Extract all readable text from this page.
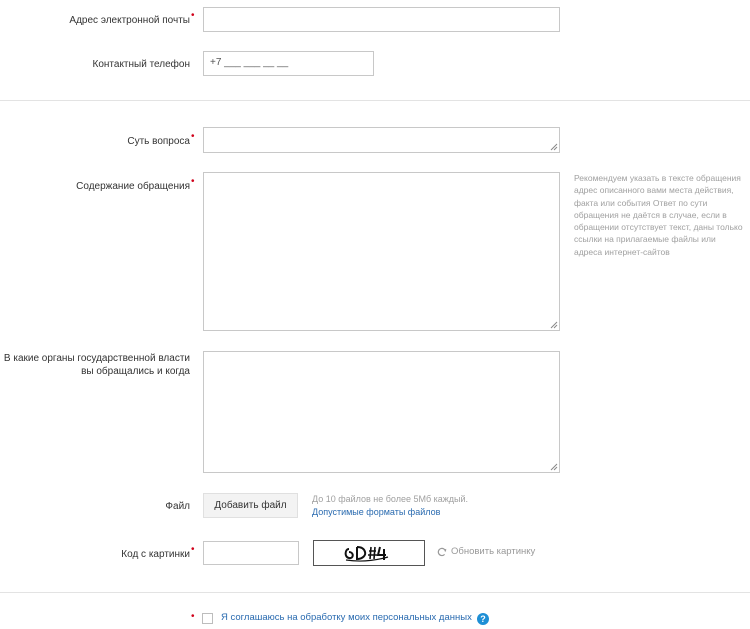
Адрес электронной почты •
Контактный телефон +7 ___ ___ __ __
Суть вопроса •
Содержание обращения •	Рекомендуем указать в тексте обращения адрес описанного вами места действия, факта или события Ответ по сути обращения не даётся в случае, если в обращении отсутствует текст, даны только ссылки на прилагаемые файлы или адреса интернет-сайтов
В какие органы государственной власти
вы обращались и когда
Файл	Добавить файл
До 10 файлов не более 5Мб каждый.
Допустимые форматы файлов
Код с картинки •	Обновить картинку
•	Я соглашаюсь на обработку моих персональных данных ?
